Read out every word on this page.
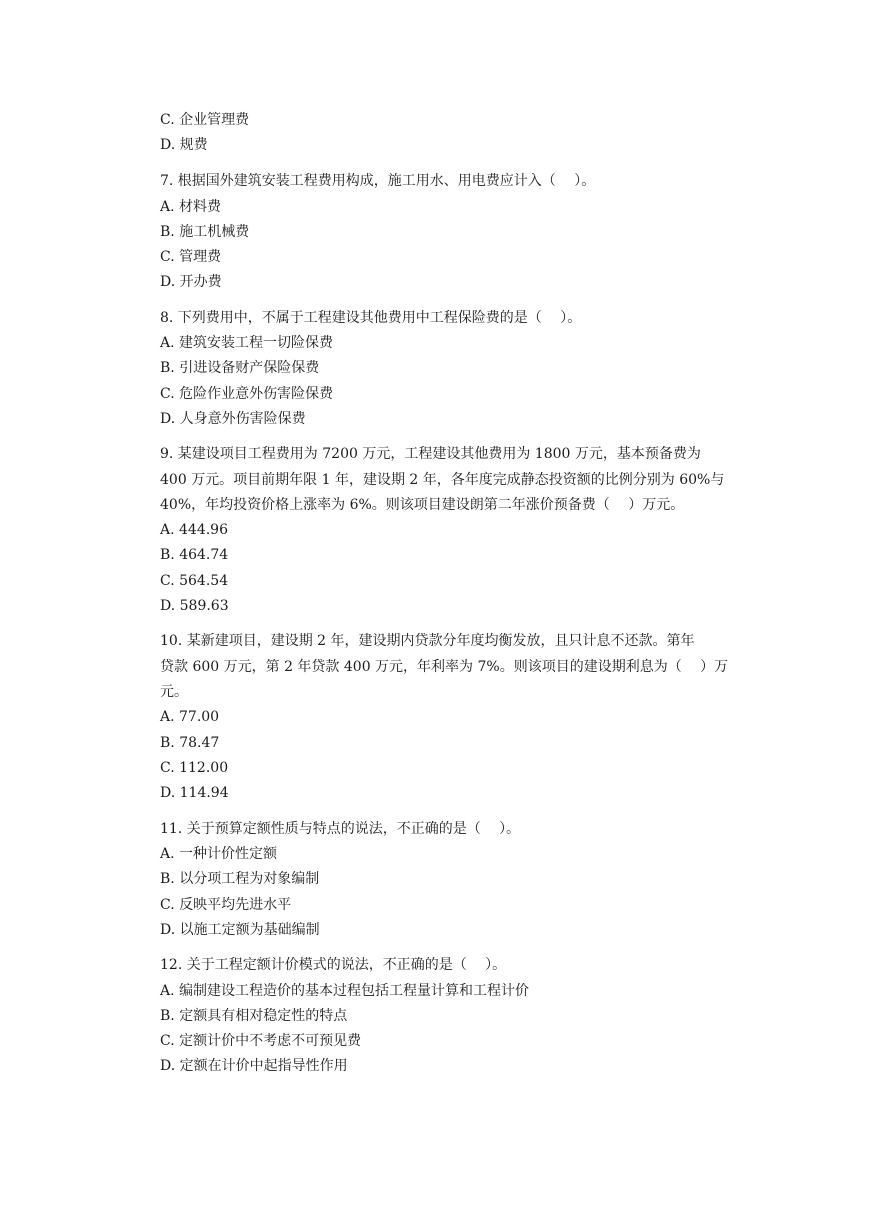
C. 企业管理费
D. 规费
7. 根据国外建筑安装工程费用构成，施工用水、用电费应计入（　 ）。
A. 材料费
B. 施工机械费
C. 管理费
D. 开办费
8. 下列费用中，不属于工程建设其他费用中工程保险费的是（　 ）。
A. 建筑安装工程一切险保费
B. 引进设备财产保险保费
C. 危险作业意外伤害险保费
D. 人身意外伤害险保费
9. 某建设项目工程费用为 7200 万元，工程建设其他费用为 1800 万元，基本预备费为
400 万元。项目前期年限 1 年，建设期 2 年，各年度完成静态投资额的比例分别为 60%与
40%，年均投资价格上涨率为 6%。则该项目建设朗第二年涨价预备费（　 ）万元。
A. 444.96
B. 464.74
C. 564.54
D. 589.63
10. 某新建项目，建设期 2 年，建设期内贷款分年度均衡发放，且只计息不还款。第年
贷款 600 万元，第 2 年贷款 400 万元，年利率为 7%。则该项目的建设期利息为（　 ）万
元。
A. 77.00
B. 78.47
C. 112.00
D. 114.94
11. 关于预算定额性质与特点的说法，不正确的是（　 ）。
A. 一种计价性定额
B. 以分项工程为对象编制
C. 反映平均先进水平
D. 以施工定额为基础编制
12. 关于工程定额计价模式的说法，不正确的是（　 ）。
A. 编制建设工程造价的基本过程包括工程量计算和工程计价
B. 定额具有相对稳定性的特点
C. 定额计价中不考虑不可预见费
D. 定额在计价中起指导性作用
